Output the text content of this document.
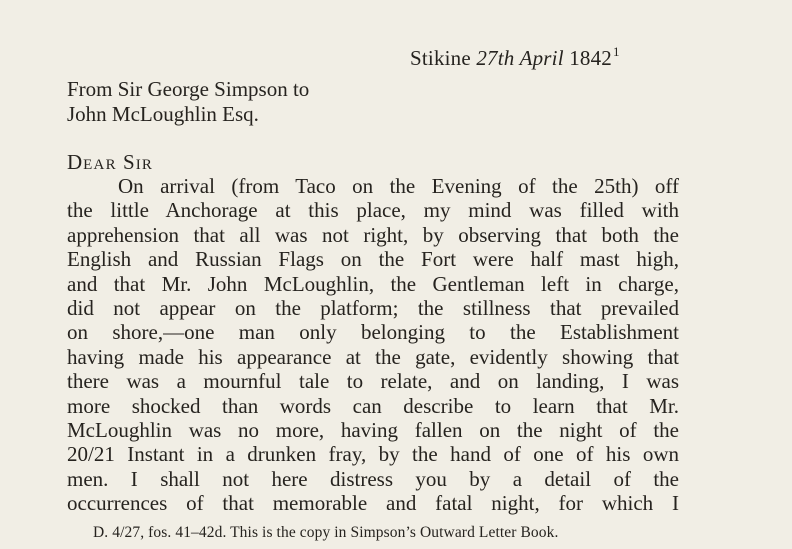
Stikine 27th April 1842$^1$
From Sir George Simpson to
John McLoughlin Esq.
DEAR SIR
On arrival (from Taco on the Evening of the 25th) off
the little Anchorage at this place, my mind was filled with
apprehension that all was not right, by observing that both the
English and Russian Flags on the Fort were half mast high,
and that Mr. John McLoughlin, the Gentleman left in charge,
did not appear on the platform; the stillness that prevailed
on shore,—one man only belonging to the Establishment
having made his appearance at the gate, evidently showing that
there was a mournful tale to relate, and on landing, I was
more shocked than words can describe to learn that Mr.
McLoughlin was no more, having fallen on the night of the
20/21 Instant in a drunken fray, by the hand of one of his own
men. I shall not here distress you by a detail of the
occurrences of that memorable and fatal night, for which I
D. 4/27, fos. 41–42d. This is the copy in Simpson’s Outward Letter Book.
